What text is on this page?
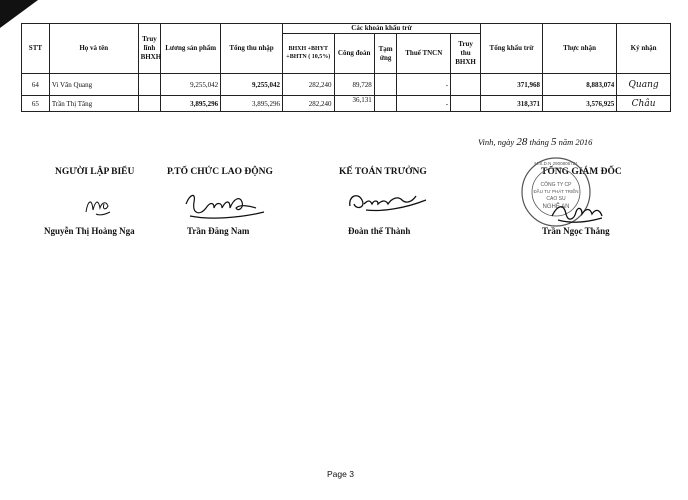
STT	Họ và tên	Truy lĩnh BHXH	Lương sản phẩm	Tổng thu nhập	Các khoản khấu trừ					Tổng khấu trừ	Thực nhận	Ký nhận
					BHXH +BHYT +BHTN ( 10,5%)	Công đoàn	Tạm ứng	Thuế TNCN	Truy thu BHXH			
64	Vi Văn Quang		9,255,042	9,255,042	282,240	89,728		-		371,968	8,883,074	Quang
65	Trần Thị Tăng		3,895,296	3,895,296	282,240	36,131		-		318,371	3,576,925	Châu
Vinh, ngày 28 tháng 5 năm 2016
NGƯỜI LẬP BIỂU	P.TỔ CHỨC LAO ĐỘNG	KẾ TOÁN TRƯỞNG	TỔNG GIÁM ĐỐC
CÔNG TY CP
ĐẦU TƯ PHÁT TRIỂN
CAO SU
NGHỆ AN
M.S.D.N 2900806721
Nguyễn Thị Hoàng Nga	Trần Đăng Nam	Đoàn thế Thành	Trần Ngọc Thắng
Page 3
